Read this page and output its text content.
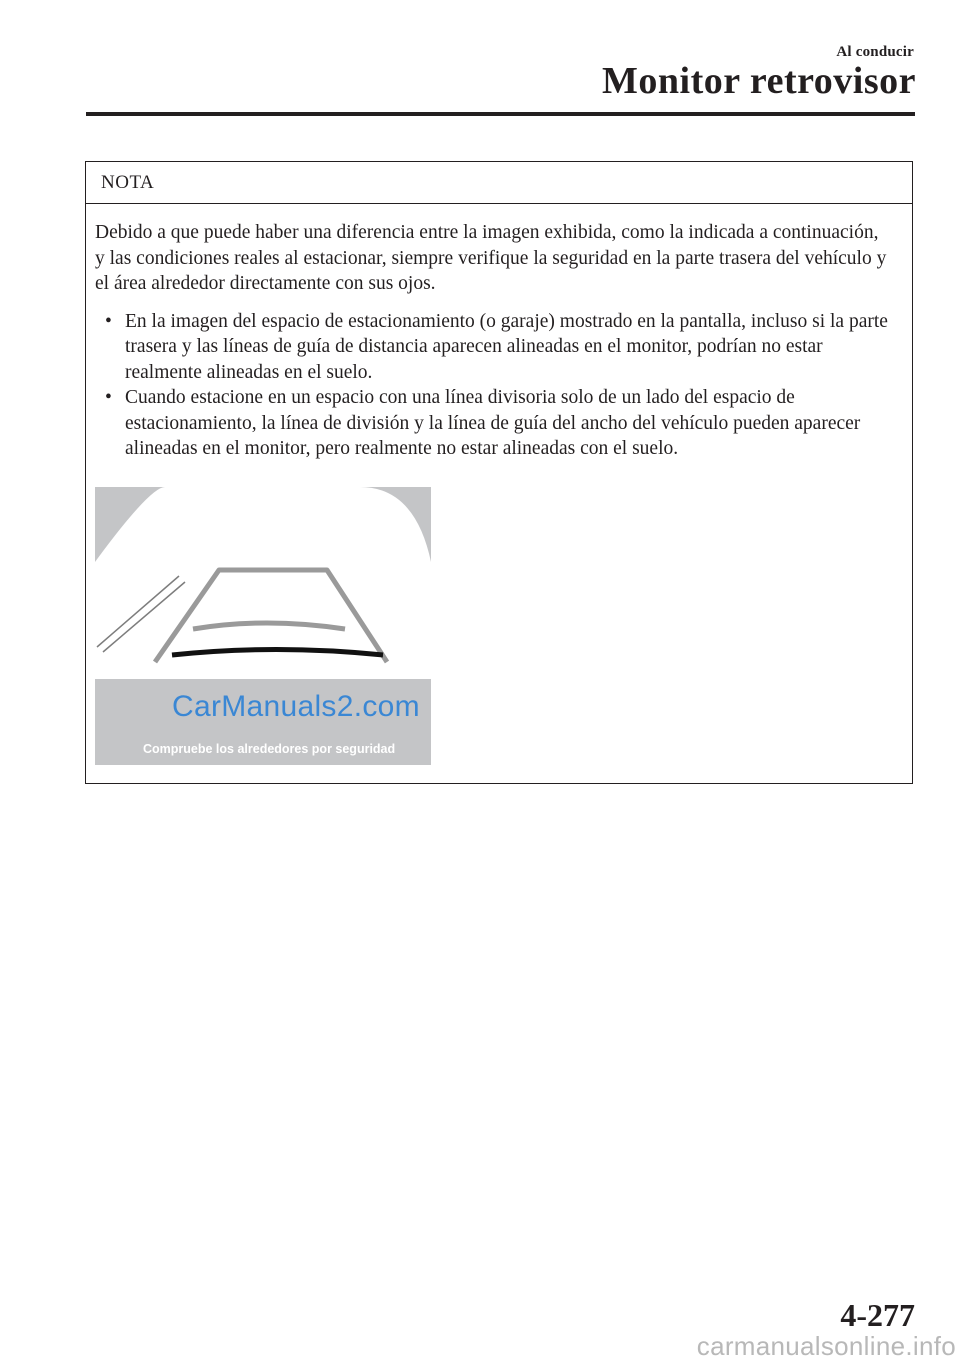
Al conducir
Monitor retrovisor
NOTA

Debido a que puede haber una diferencia entre la imagen exhibida, como la indicada a continuación, y las condiciones reales al estacionar, siempre verifique la seguridad en la parte trasera del vehículo y el área alrededor directamente con sus ojos.

• En la imagen del espacio de estacionamiento (o garaje) mostrado en la pantalla, incluso si la parte trasera y las líneas de guía de distancia aparecen alineadas en el monitor, podrían no estar realmente alineadas en el suelo.
• Cuando estacione en un espacio con una línea divisoria solo de un lado del espacio de estacionamiento, la línea de división y la línea de guía del ancho del vehículo pueden aparecer alineadas en el monitor, pero realmente no estar alineadas con el suelo.
CarManuals2.com
Compruebe los alrededores por seguridad
4-277
carmanualsonline.info
